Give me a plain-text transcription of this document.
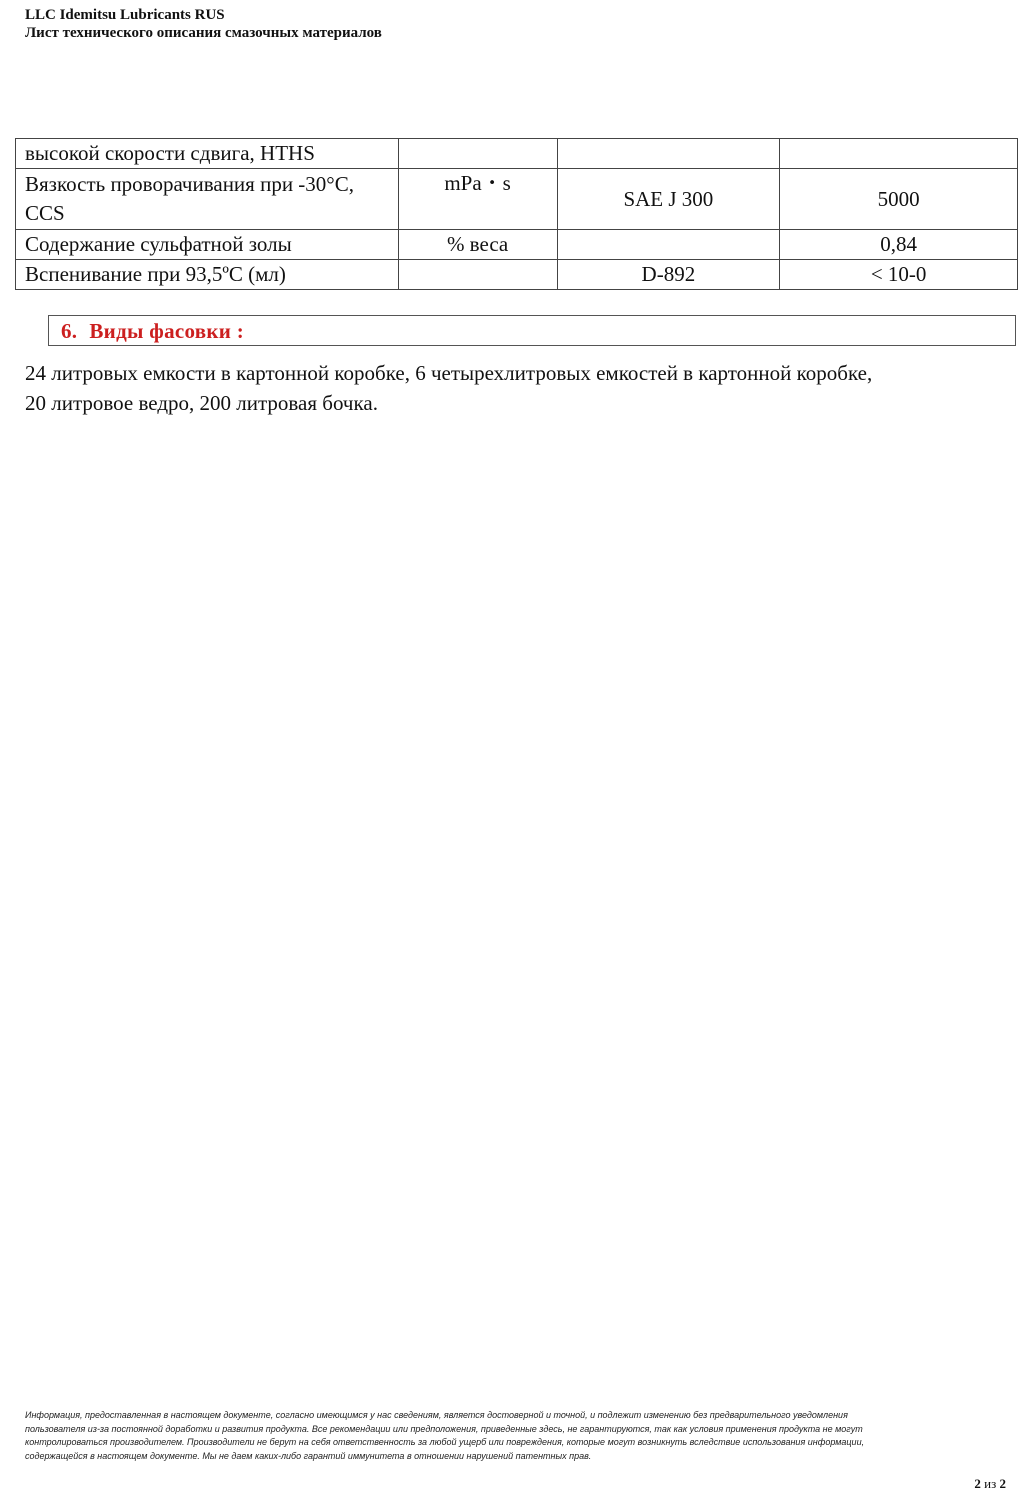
LLC Idemitsu Lubricants RUS
Лист технического описания смазочных материалов
высокой скорости сдвига, HTHS			
Вязкость проворачивания при -30°C, CCS	mPa・s	SAE J 300	5000
Содержание сульфатной золы	% веса		0,84
Вспенивание при 93,5ºС (мл)		D-892	< 10-0
6. Виды фасовки :
24 литровых емкости в картонной коробке, 6 четырехлитровых емкостей в картонной коробке,
20 литровое ведро, 200 литровая бочка.
Информация, предоставленная в настоящем документе, согласно имеющимся у нас сведениям, является достоверной и точной, и подлежит изменению без предварительного уведомления
пользователя из-за постоянной доработки и развития продукта. Все рекомендации или предположения, приведенные здесь, не гарантируются, так как условия применения продукта не могут
контролироваться производителем. Производители не берут на себя ответственность за любой ущерб или повреждения, которые могут возникнуть вследствие использования информации,
содержащейся в настоящем документе. Мы не даем каких-либо гарантий иммунитета в отношении нарушений патентных прав.
2 из 2
